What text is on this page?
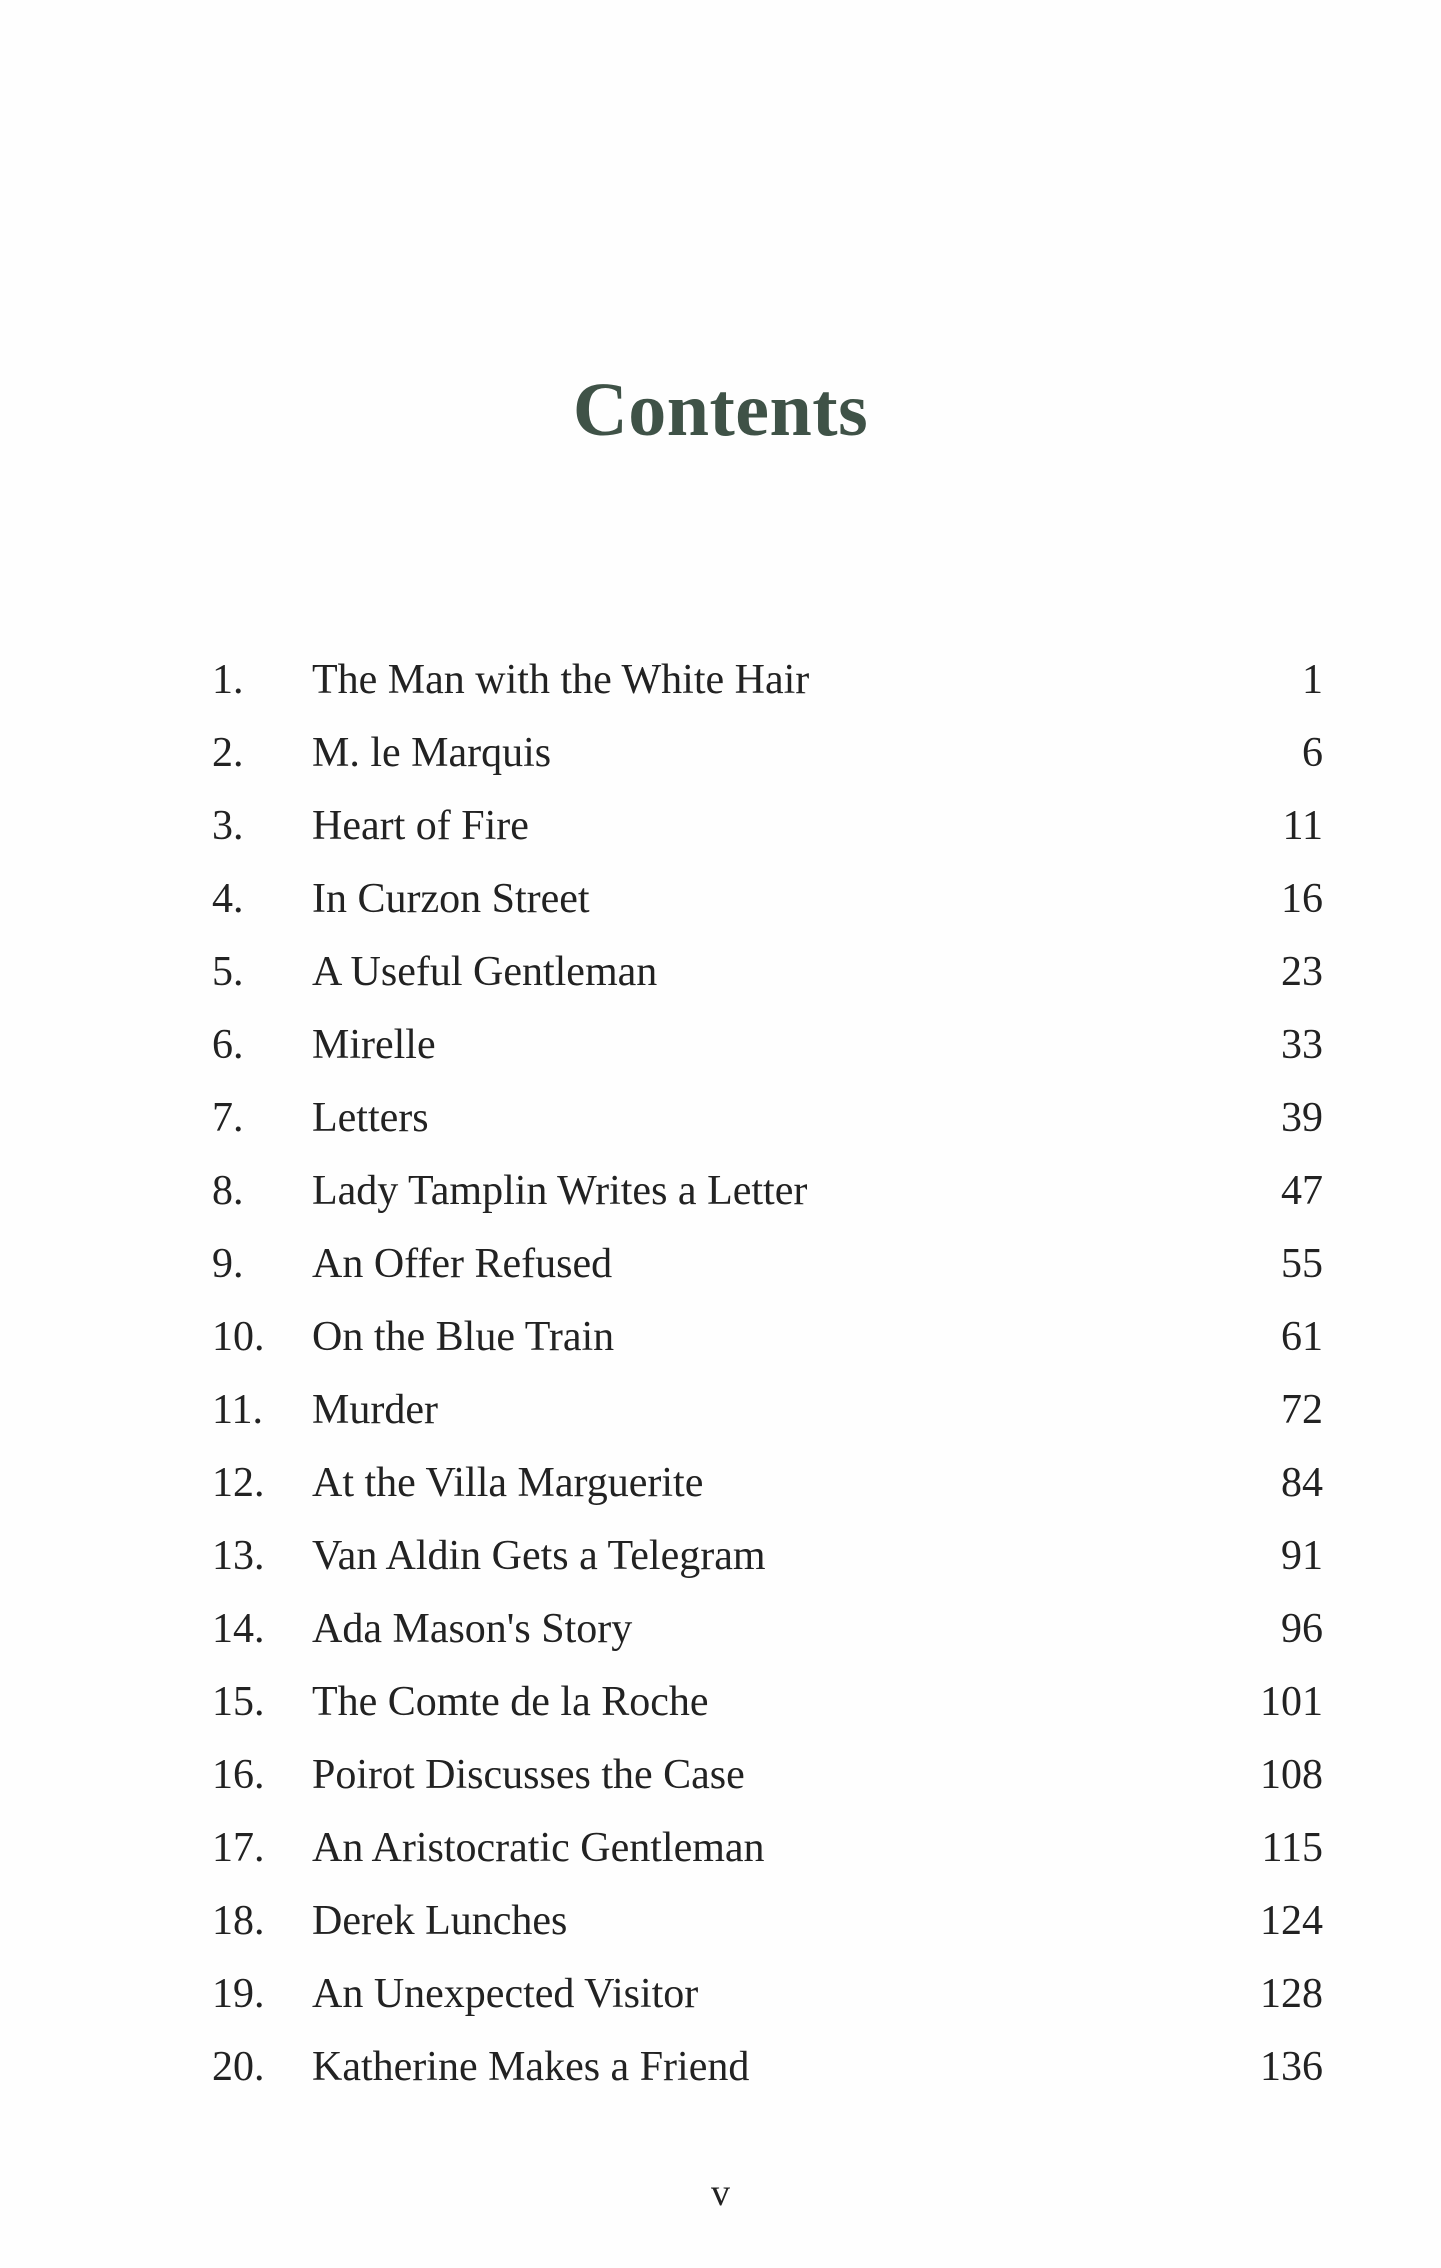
Contents
1. The Man with the White Hair	1
2. M. le Marquis	6
3. Heart of Fire	11
4. In Curzon Street	16
5. A Useful Gentleman	23
6. Mirelle	33
7. Letters	39
8. Lady Tamplin Writes a Letter	47
9. An Offer Refused	55
10. On the Blue Train	61
11. Murder	72
12. At the Villa Marguerite	84
13. Van Aldin Gets a Telegram	91
14. Ada Mason's Story	96
15. The Comte de la Roche	101
16. Poirot Discusses the Case	108
17. An Aristocratic Gentleman	115
18. Derek Lunches	124
19. An Unexpected Visitor	128
20. Katherine Makes a Friend	136
v
